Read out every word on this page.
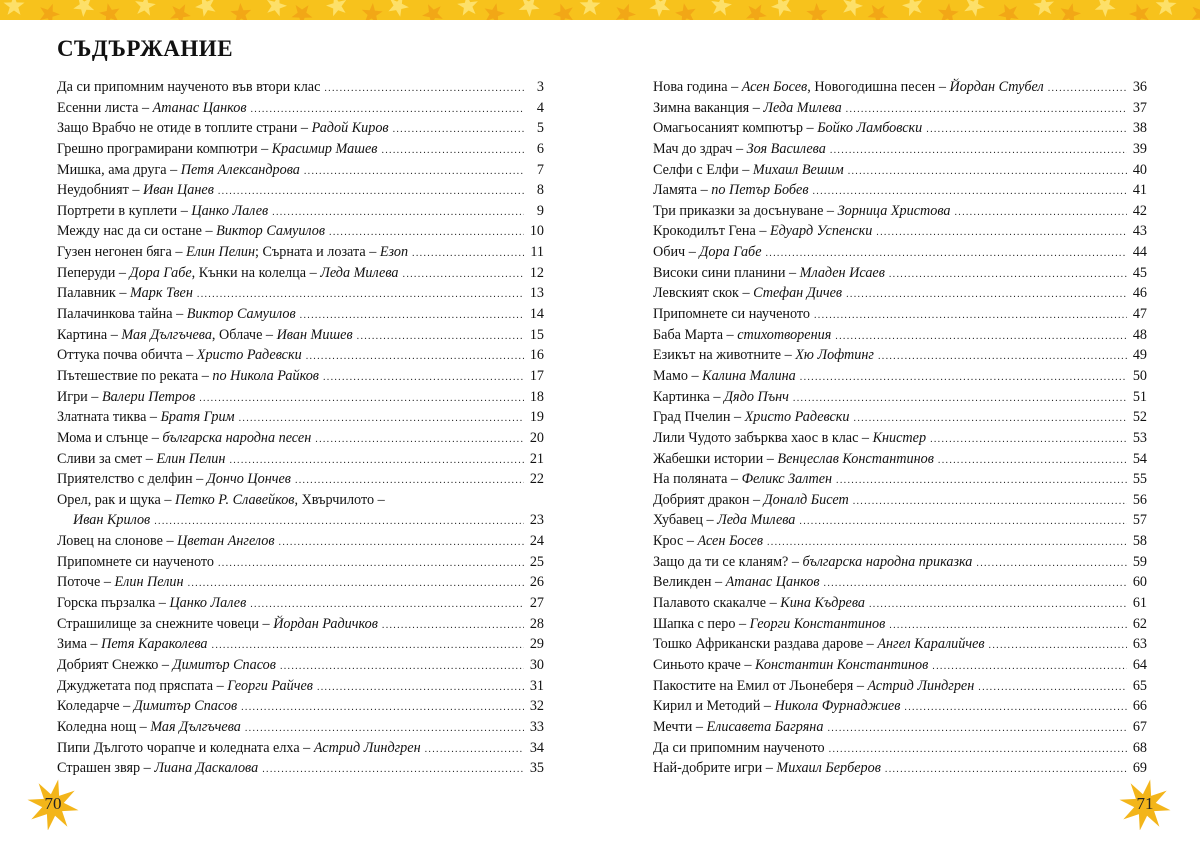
СЪДЪРЖАНИЕ
Да си припомним наученото във втори клас .....	3
Есенни листа – Атанас Цанков .....	4
Защо Врабчо не отиде в топлите страни – Радой Киров .....	5
Грешно програмирани компютри – Красимир Машев .....	6
Мишка, ама друга – Петя Александрова .....	7
Неудобният – Иван Цанев .....	8
Портрети в куплети – Цанко Лалев .....	9
Между нас да си остане – Виктор Самуилов .....	10
Гузен негонен бяга – Елин Пелин; Сърната и лозата – Езоп .....	11
Пеперуди – Дора Габе, Кънки на колелца – Леда Милева .....	12
Палавник – Марк Твен .....	13
Палачинкова тайна – Виктор Самуилов .....	14
Картина – Мая Дългъчева, Облаче – Иван Мишев .....	15
Оттука почва обичта – Христо Радевски .....	16
Пътешествие по реката – по Никола Райков .....	17
Игри – Валери Петров .....	18
Златната тиква – Братя Грим .....	19
Мома и слънце – българска народна песен .....	20
Сливи за смет – Елин Пелин .....	21
Приятелство с делфин – Дончо Цончев .....	22
Орел, рак и щука – Петко Р. Славейков, Хвърчилото –
Иван Крилов .....	23
Ловец на слонове – Цветан Ангелов .....	24
Припомнете си наученото .....	25
Поточе – Елин Пелин .....	26
Горска пързалка – Цанко Лалев .....	27
Страшилище за снежните човеци – Йордан Радичков .....	28
Зима – Петя Караколева .....	29
Добрият Снежко – Димитър Спасов .....	30
Джуджетата под пряспата – Георги Райчев .....	31
Коледарче – Димитър Спасов .....	32
Коледна нощ – Мая Дългъчева .....	33
Пипи Дългото чорапче и коледната елха – Астрид Линдгрен .....	34
Страшен звяр – Лиана Даскалова .....	35
Нова година – Асен Босев, Новогодишна песен – Йордан Стубел .....	36
Зимна ваканция – Леда Милева .....	37
Омагьосаният компютър – Бойко Ламбовски .....	38
Мач до здрач – Зоя Василева .....	39
Селфи с Елфи – Михаил Вешим .....	40
Ламята – по Петър Бобев .....	41
Три приказки за досънуване – Зорница Христова .....	42
Крокодилът Гена – Едуард Успенски .....	43
Обич – Дора Габе .....	44
Високи сини планини – Младен Исаев .....	45
Левският скок – Стефан Дичев .....	46
Припомнете си наученото .....	47
Баба Марта – стихотворения .....	48
Езикът на животните – Хю Лофтинг .....	49
Мамо – Калина Малина .....	50
Картинка – Дядо Пънч .....	51
Град Пчелин – Христо Радевски .....	52
Лили Чудото забърква хаос в клас – Книстер .....	53
Жабешки истории – Венцеслав Константинов .....	54
На поляната – Феликс Залтен .....	55
Добрият дракон – Доналд Бисет .....	56
Хубавец – Леда Милева .....	57
Крос – Асен Босев .....	58
Защо да ти се кланям? – българска народна приказка .....	59
Великден – Атанас Цанков .....	60
Палавото скакалче – Кина Къдрева .....	61
Шапка с перо – Георги Константинов .....	62
Тошко Африкански раздава дарове – Ангел Каралийчев .....	63
Синьото краче – Константин Константинов .....	64
Пакостите на Емил от Льонеберя – Астрид Линдгрен .....	65
Кирил и Методий – Никола Фурнаджиев .....	66
Мечти – Елисавета Багряна .....	67
Да си припомним наученото .....	68
Най-добрите игри – Михаил Берберов .....	69
70	71
